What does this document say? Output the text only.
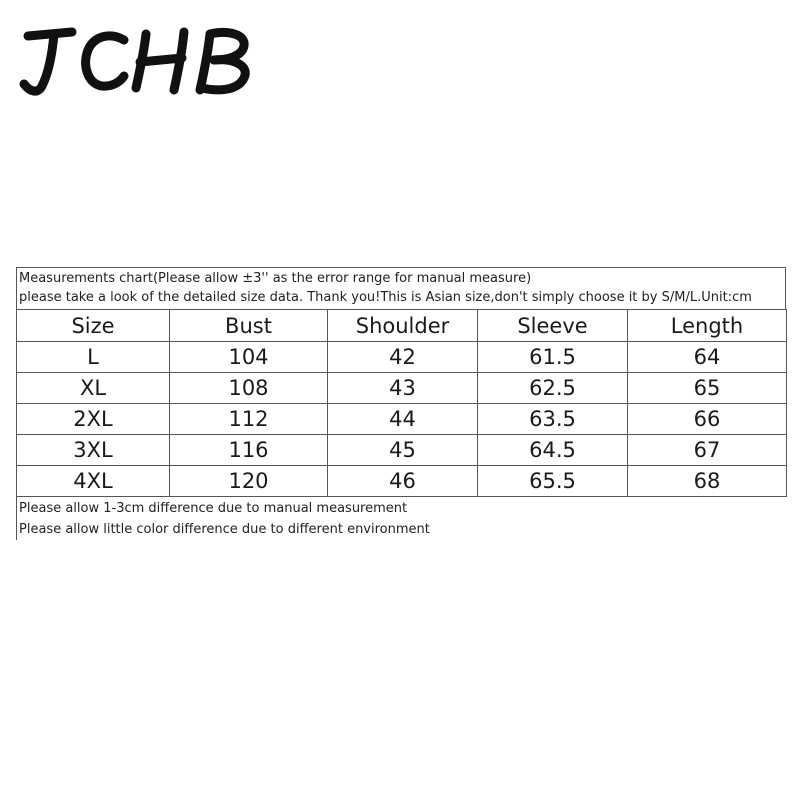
Measurements chart(Please allow ±3'' as the error range for manual measure)
please take a look of the detailed size data. Thank you!This is Asian size,don't simply choose it by S/M/L.Unit:cm
Size	Bust	Shoulder	Sleeve	Length
L	104	42	61.5	64
XL	108	43	62.5	65
2XL	112	44	63.5	66
3XL	116	45	64.5	67
4XL	120	46	65.5	68
Please allow 1-3cm difference due to manual measurement
Please allow little color difference due to different environment
